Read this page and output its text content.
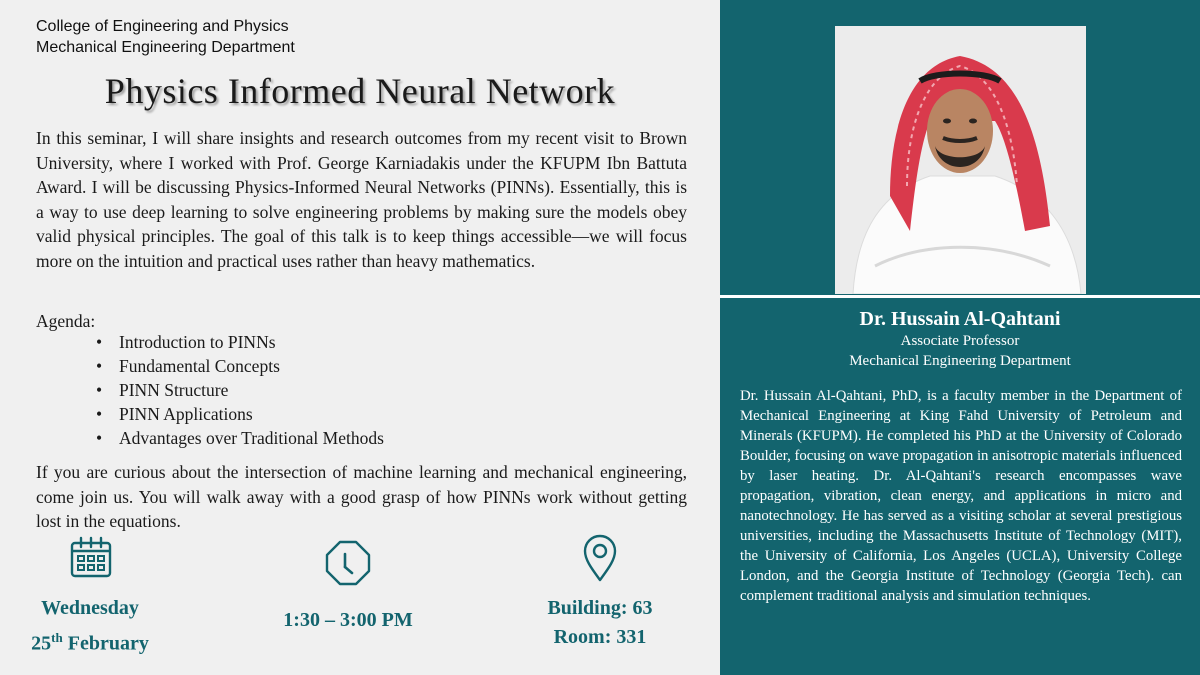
College of Engineering and Physics
Mechanical Engineering Department
Physics Informed Neural Network
In this seminar, I will share insights and research outcomes from my recent visit to Brown University, where I worked with Prof. George Karniadakis under the KFUPM Ibn Battuta Award. I will be discussing Physics-Informed Neural Networks (PINNs). Essentially, this is a way to use deep learning to solve engineering problems by making sure the models obey valid physical principles. The goal of this talk is to keep things accessible—we will focus more on the intuition and practical uses rather than heavy mathematics.
Agenda:
• Introduction to PINNs
• Fundamental Concepts
• PINN Structure
• PINN Applications
• Advantages over Traditional Methods
If you are curious about the intersection of machine learning and mechanical engineering, come join us. You will walk away with a good grasp of how PINNs work without getting lost in the equations.
Wednesday
25th February
1:30 – 3:00 PM
Building: 63
Room: 331
Dr. Hussain Al-Qahtani
Associate Professor
Mechanical Engineering Department
Dr. Hussain Al-Qahtani, PhD, is a faculty member in the Department of Mechanical Engineering at King Fahd University of Petroleum and Minerals (KFUPM). He completed his PhD at the University of Colorado Boulder, focusing on wave propagation in anisotropic materials influenced by laser heating. Dr. Al-Qahtani's research encompasses wave propagation, vibration, clean energy, and applications in micro and nanotechnology. He has served as a visiting scholar at several prestigious universities, including the Massachusetts Institute of Technology (MIT), the University of California, Los Angeles (UCLA), University College London, and the Georgia Institute of Technology (Georgia Tech). can complement traditional analysis and simulation techniques.
